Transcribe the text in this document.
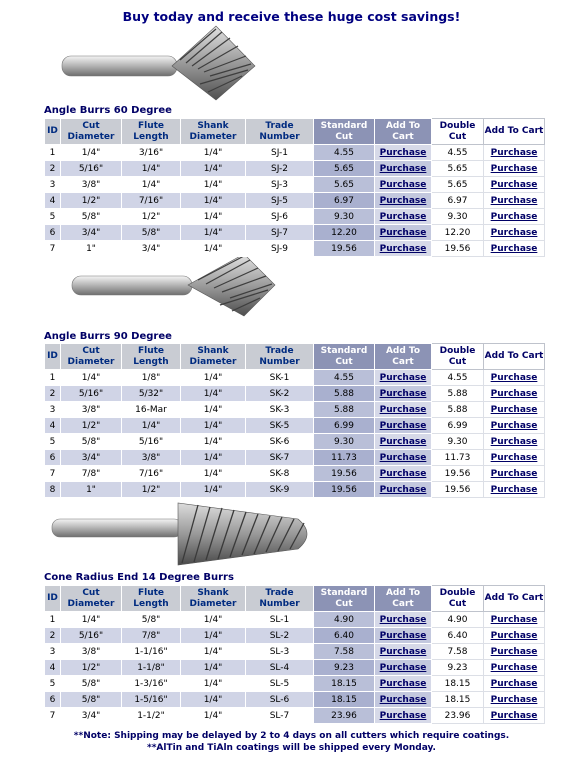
Buy today and receive these huge cost savings!
Angle Burrs 60 Degree
Angle Burrs 90 Degree
Cone Radius End 14 Degree Burrs
ID	Cut Diameter	Flute Length	Shank Diameter	Trade Number	Standard Cut	Add To Cart	Double Cut	Add To Cart
1	1/4"	3/16"	1/4"	SJ-1	4.55	Purchase	4.55	Purchase
2	5/16"	1/4"	1/4"	SJ-2	5.65	Purchase	5.65	Purchase
3	3/8"	1/4"	1/4"	SJ-3	5.65	Purchase	5.65	Purchase
4	1/2"	7/16"	1/4"	SJ-5	6.97	Purchase	6.97	Purchase
5	5/8"	1/2"	1/4"	SJ-6	9.30	Purchase	9.30	Purchase
6	3/4"	5/8"	1/4"	SJ-7	12.20	Purchase	12.20	Purchase
7	1"	3/4"	1/4"	SJ-9	19.56	Purchase	19.56	Purchase
ID	Cut Diameter	Flute Length	Shank Diameter	Trade Number	Standard Cut	Add To Cart	Double Cut	Add To Cart
1	1/4"	1/8"	1/4"	SK-1	4.55	Purchase	4.55	Purchase
2	5/16"	5/32"	1/4"	SK-2	5.88	Purchase	5.88	Purchase
3	3/8"	16-Mar	1/4"	SK-3	5.88	Purchase	5.88	Purchase
4	1/2"	1/4"	1/4"	SK-5	6.99	Purchase	6.99	Purchase
5	5/8"	5/16"	1/4"	SK-6	9.30	Purchase	9.30	Purchase
6	3/4"	3/8"	1/4"	SK-7	11.73	Purchase	11.73	Purchase
7	7/8"	7/16"	1/4"	SK-8	19.56	Purchase	19.56	Purchase
8	1"	1/2"	1/4"	SK-9	19.56	Purchase	19.56	Purchase
ID	Cut Diameter	Flute Length	Shank Diameter	Trade Number	Standard Cut	Add To Cart	Double Cut	Add To Cart
1	1/4"	5/8"	1/4"	SL-1	4.90	Purchase	4.90	Purchase
2	5/16"	7/8"	1/4"	SL-2	6.40	Purchase	6.40	Purchase
3	3/8"	1-1/16"	1/4"	SL-3	7.58	Purchase	7.58	Purchase
4	1/2"	1-1/8"	1/4"	SL-4	9.23	Purchase	9.23	Purchase
5	5/8"	1-3/16"	1/4"	SL-5	18.15	Purchase	18.15	Purchase
6	5/8"	1-5/16"	1/4"	SL-6	18.15	Purchase	18.15	Purchase
7	3/4"	1-1/2"	1/4"	SL-7	23.96	Purchase	23.96	Purchase
**Note: Shipping may be delayed by 2 to 4 days on all cutters which require coatings.
**AlTin and TiAln coatings will be shipped every Monday.
